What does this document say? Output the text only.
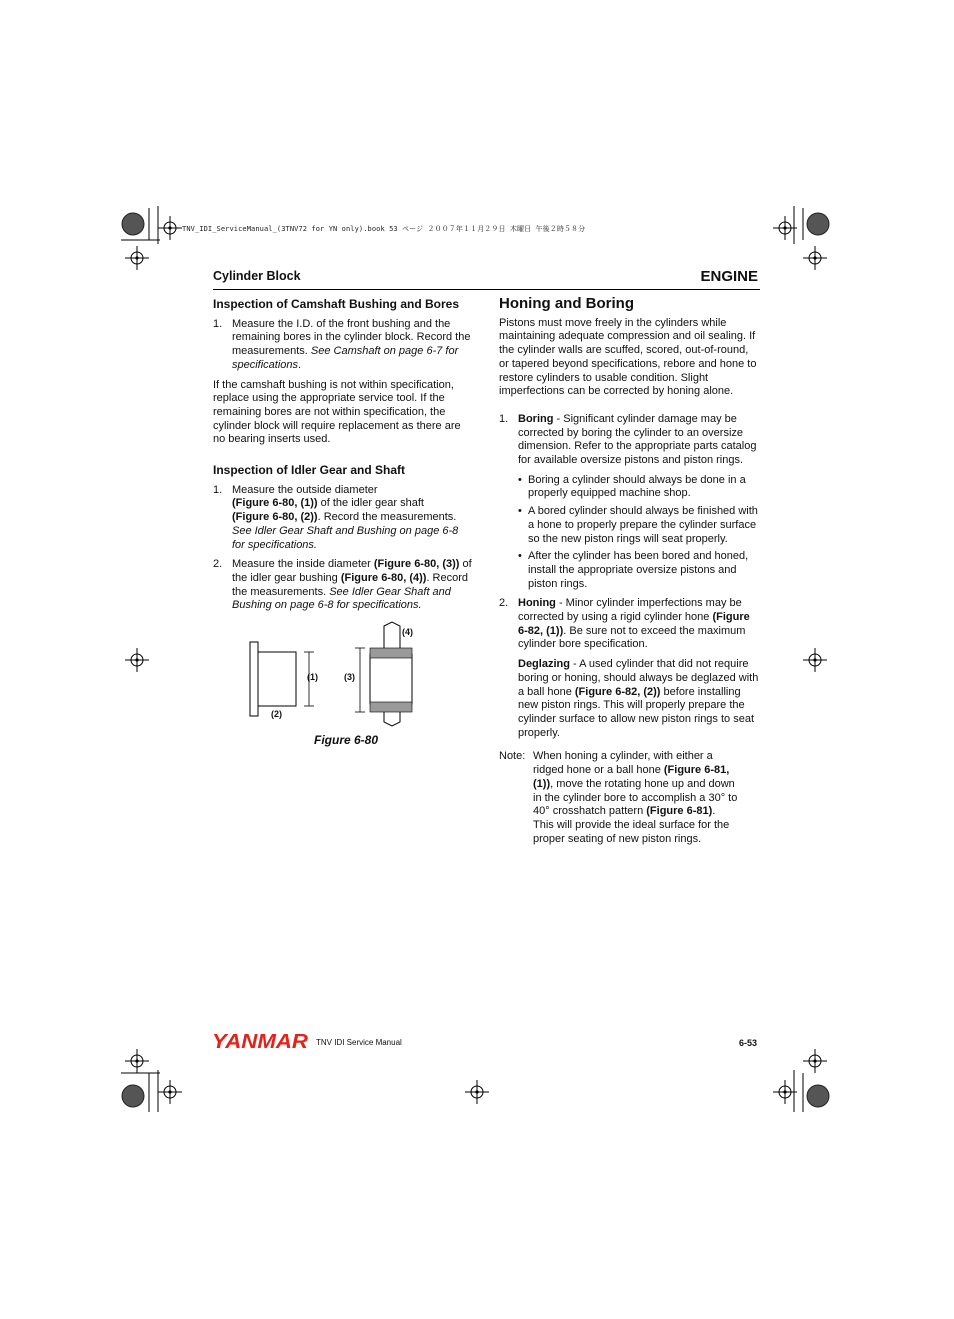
TNV_IDI_ServiceManual_(3TNV72 for YN only).book 53 ページ ２００７年１１月２９日 木曜日 午後２時５８分
Cylinder Block	ENGINE
Inspection of Camshaft Bushing and Bores
1. Measure the I.D. of the front bushing and the remaining bores in the cylinder block. Record the measurements. See Camshaft on page 6-7 for specifications.

If the camshaft bushing is not within specification, replace using the appropriate service tool. If the remaining bores are not within specification, the cylinder block will require replacement as there are no bearing inserts used.

Inspection of Idler Gear and Shaft
1. Measure the outside diameter
(Figure 6-80, (1)) of the idler gear shaft
(Figure 6-80, (2)). Record the measurements.
See Idler Gear Shaft and Bushing on page 6-8 for specifications.
2. Measure the inside diameter (Figure 6-80, (3)) of the idler gear bushing (Figure 6-80, (4)). Record the measurements. See Idler Gear Shaft and Bushing on page 6-8 for specifications.
(1)
(2)
(3)
(4)
Figure 6-80
Honing and Boring

Pistons must move freely in the cylinders while maintaining adequate compression and oil sealing. If the cylinder walls are scuffed, scored, out-of-round, or tapered beyond specifications, rebore and hone to restore cylinders to usable condition. Slight imperfections can be corrected by honing alone.

1. Boring - Significant cylinder damage may be corrected by boring the cylinder to an oversize dimension. Refer to the appropriate parts catalog for available oversize pistons and piston rings.
• Boring a cylinder should always be done in a properly equipped machine shop.
• A bored cylinder should always be finished with a hone to properly prepare the cylinder surface so the new piston rings will seat properly.
• After the cylinder has been bored and honed, install the appropriate oversize pistons and piston rings.
2. Honing - Minor cylinder imperfections may be corrected by using a rigid cylinder hone (Figure 6-82, (1)). Be sure not to exceed the maximum cylinder bore specification.
Deglazing - A used cylinder that did not require boring or honing, should always be deglazed with a ball hone (Figure 6-82, (2)) before installing new piston rings. This will properly prepare the cylinder surface to allow new piston rings to seat properly.
Note: When honing a cylinder, with either a ridged hone or a ball hone (Figure 6-81, (1)), move the rotating hone up and down in the cylinder bore to accomplish a 30° to 40° crosshatch pattern (Figure 6-81). This will provide the ideal surface for the proper seating of new piston rings.
YANMAR TNV IDI Service Manual	6-53
